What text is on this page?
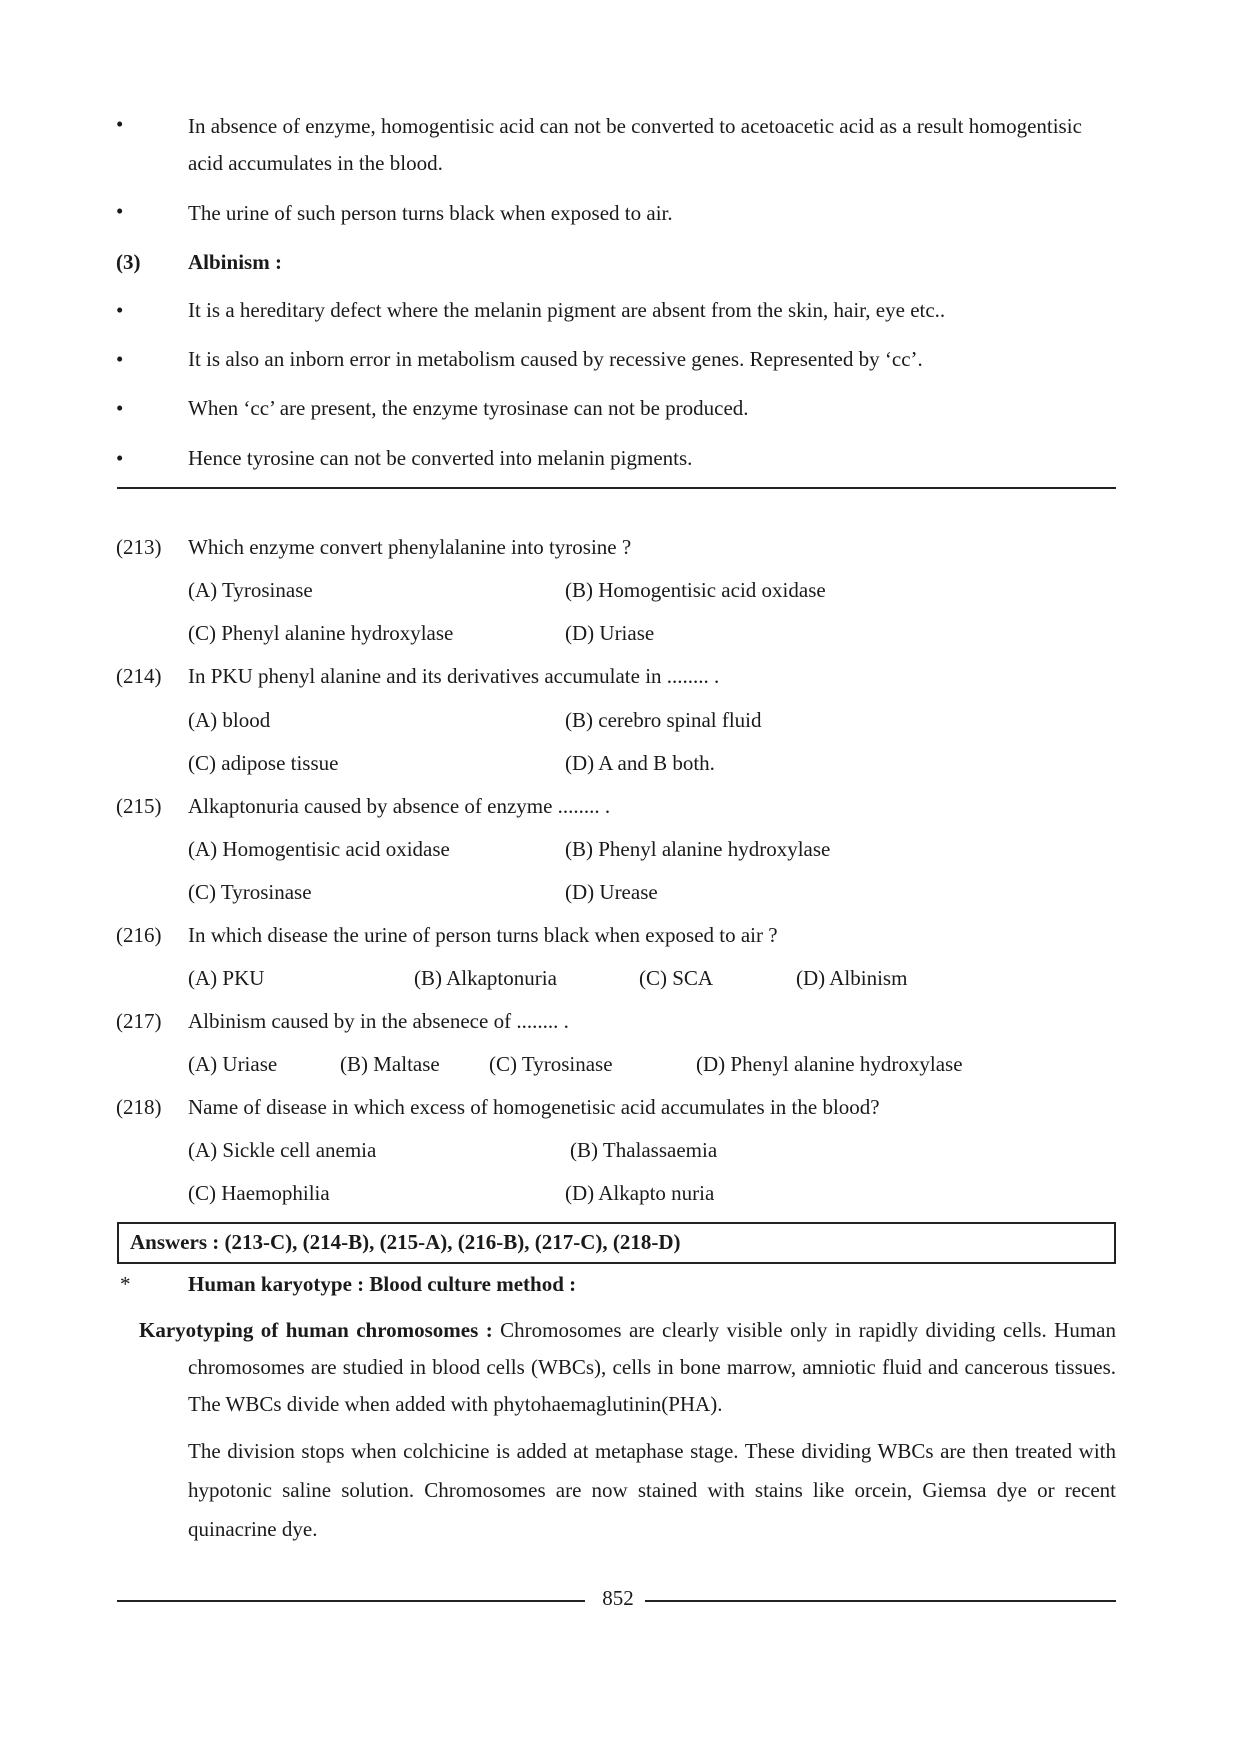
•	In absence of enzyme, homogentisic acid can not be converted to acetoacetic acid as a result homogentisic acid accumulates in the blood.
•	The urine of such person turns black when exposed to air.
(3) Albinism :
•	It is a hereditary defect where the melanin pigment are absent from the skin, hair, eye etc..
•	It is also an inborn error in metabolism caused by recessive genes. Represented by ‘cc’.
•	When ‘cc’ are present, the enzyme tyrosinase can not be produced.
•	Hence tyrosine can not be converted into melanin pigments.
(213) Which enzyme convert phenylalanine into tyrosine ?
(A) Tyrosinase	(B) Homogentisic acid oxidase
(C) Phenyl alanine hydroxylase	(D) Uriase
(214) In PKU phenyl alanine and its derivatives accumulate in ........ .
(A) blood	(B) cerebro spinal fluid
(C) adipose tissue	(D) A and B both.
(215) Alkaptonuria caused by absence of enzyme ........ .
(A) Homogentisic acid oxidase	(B) Phenyl alanine hydroxylase
(C) Tyrosinase	(D) Urease
(216) In which disease the urine of person turns black when exposed to air ?
(A) PKU	(B) Alkaptonuria	(C) SCA	(D) Albinism
(217) Albinism caused by in the absenece of ........ .
(A) Uriase	(B) Maltase (C) Tyrosinase	(D) Phenyl alanine hydroxylase
(218) Name of disease in which excess of homogenetisic acid accumulates in the blood?
(A) Sickle cell anemia	(B) Thalassaemia
(C) Haemophilia	(D) Alkapto nuria
Answers : (213-C), (214-B), (215-A), (216-B), (217-C), (218-D)
*	Human karyotype : Blood culture method :
Karyotyping of human chromosomes : Chromosomes are clearly visible only in rapidly dividing cells. Human chromosomes are studied in blood cells (WBCs), cells in bone marrow, amniotic fluid and cancerous tissues. The WBCs divide when added with phytohaemaglutinin(PHA).
The division stops when colchicine is added at metaphase stage. These dividing WBCs are then treated with hypotonic saline solution. Chromosomes are now stained with stains like orcein, Giemsa dye or recent quinacrine dye.
852
